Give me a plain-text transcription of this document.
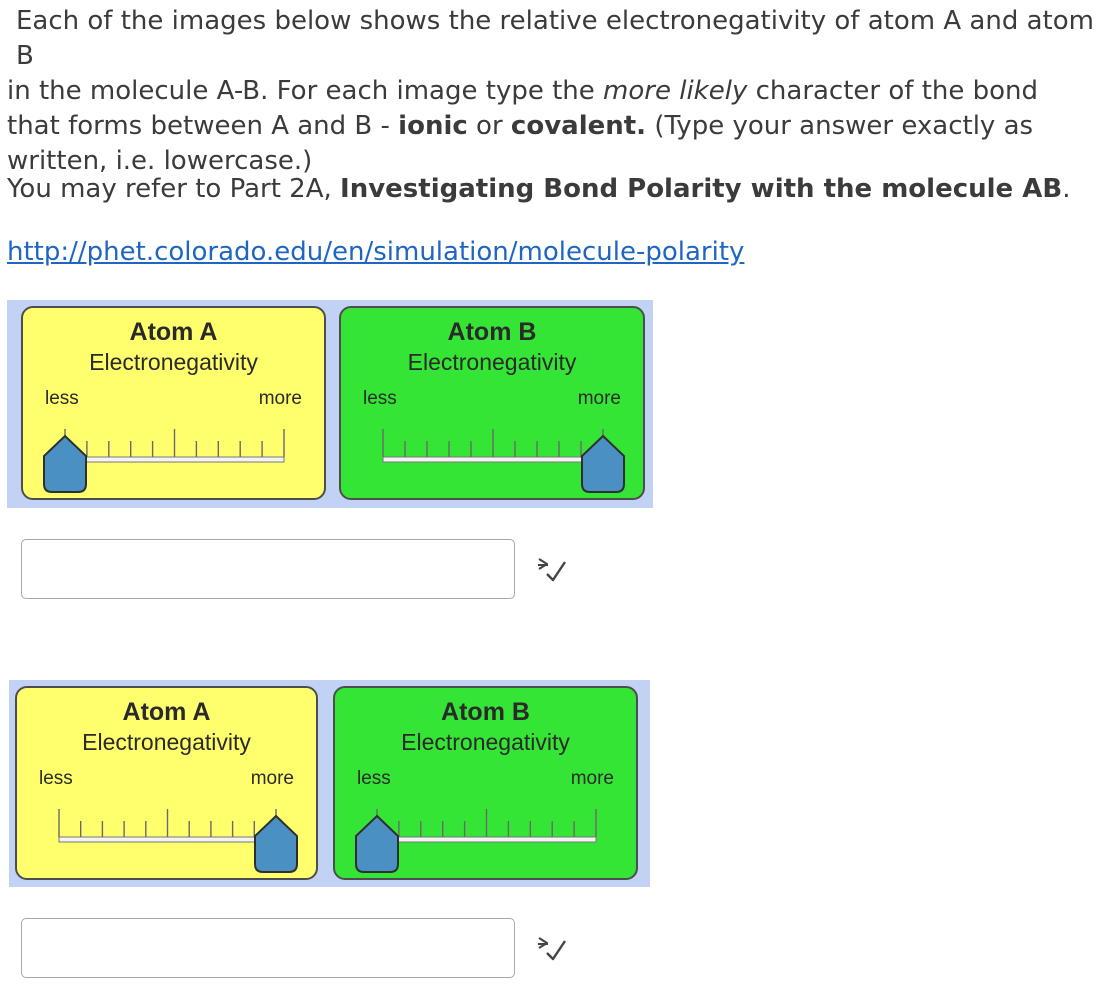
Each of the images below shows the relative electronegativity of atom A and atom B
in the molecule A-B. For each image type the more likely character of the bond
that forms between A and B - ionic or covalent. (Type your answer exactly as
written, i.e. lowercase.)
You may refer to Part 2A, Investigating Bond Polarity with the molecule AB.
http://phet.colorado.edu/en/simulation/molecule-polarity
Atom A
Electronegativity
less	more
Atom B
Electronegativity
less	more
Atom A
Electronegativity
less	more
Atom B
Electronegativity
less	more
